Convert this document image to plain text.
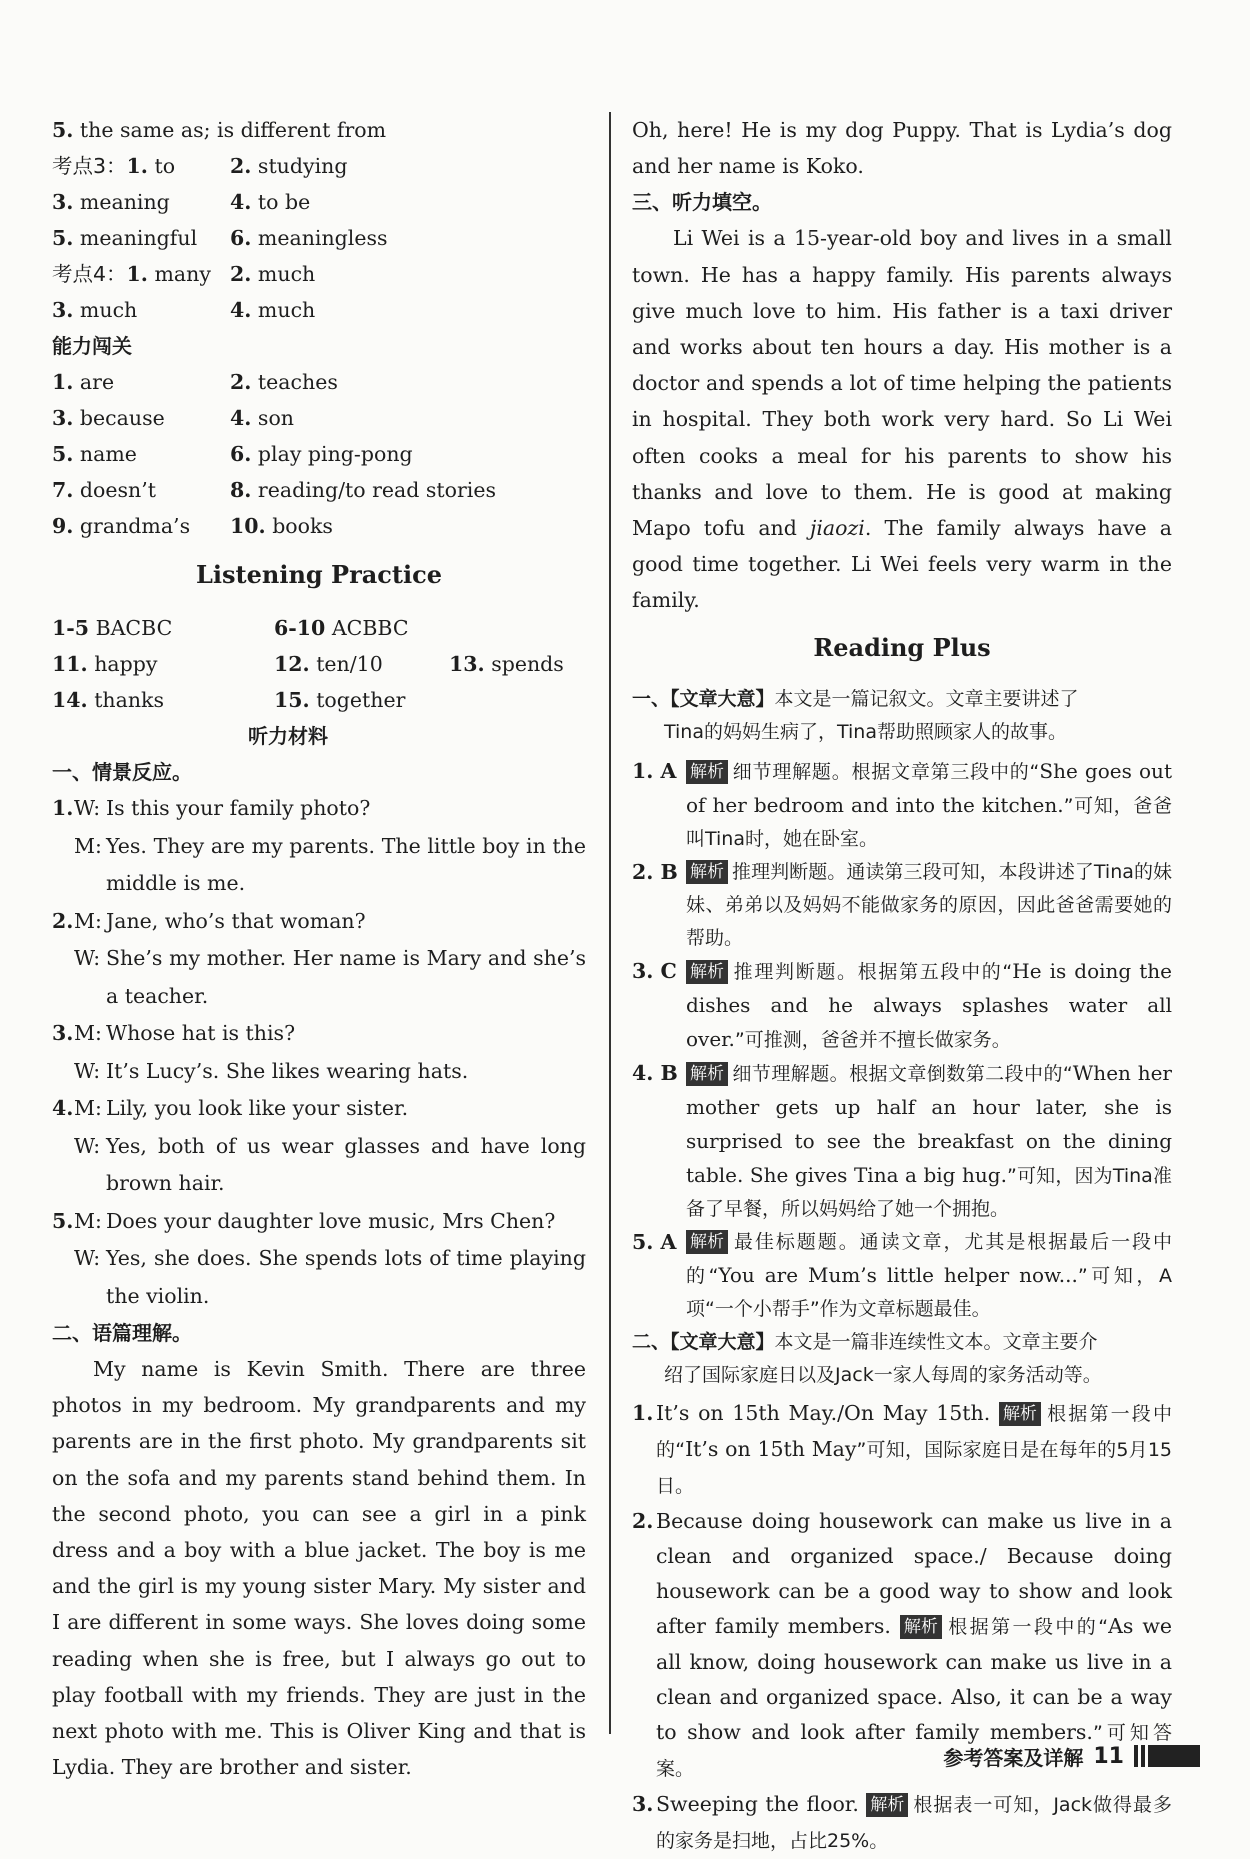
5. the same as; is different from
考点3：1. to	2. studying
3. meaning	4. to be
5. meaningful	6. meaningless
考点4：1. many 2. much
3. much	4. much
能力闯关
1. are	2. teaches
3. because	4. son
5. name	6. play ping-pong
7. doesn’t	8. reading/to read stories
9. grandma’s	10. books
Listening Practice
1-5 BACBC	6-10 ACBBC
11. happy	12. ten/10	13. spends
14. thanks	15. together
听力材料
一、情景反应。
1. W: Is this your family photo?
M: Yes. They are my parents. The little boy in the middle is me.
2. M: Jane, who’s that woman?
W: She’s my mother. Her name is Mary and she’s a teacher.
3. M: Whose hat is this?
W: It’s Lucy’s. She likes wearing hats.
4. M: Lily, you look like your sister.
W: Yes, both of us wear glasses and have long brown hair.
5. M: Does your daughter love music, Mrs Chen?
W: Yes, she does. She spends lots of time playing the violin.
二、语篇理解。
My name is Kevin Smith. There are three photos in my bedroom. My grandparents and my parents are in the first photo. My grandparents sit on the sofa and my parents stand behind them. In the second photo, you can see a girl in a pink dress and a boy with a blue jacket. The boy is me and the girl is my young sister Mary. My sister and I are different in some ways. She loves doing some reading when she is free, but I always go out to play football with my friends. They are just in the next photo with me. This is Oliver King and that is Lydia. They are brother and sister.
Oh, here! He is my dog Puppy. That is Lydia’s dog and her name is Koko.
三、听力填空。
Li Wei is a 15-year-old boy and lives in a small town. He has a happy family. His parents always give much love to him. His father is a taxi driver and works about ten hours a day. His mother is a doctor and spends a lot of time helping the patients in hospital. They both work very hard. So Li Wei often cooks a meal for his parents to show his thanks and love to them. He is good at making Mapo tofu and jiaozi. The family always have a good time together. Li Wei feels very warm in the family.
Reading Plus
一、【文章大意】本文是一篇记叙文。文章主要讲述了
Tina的妈妈生病了，Tina帮助照顾家人的故事。
1. A 解析 细节理解题。根据文章第三段中的“She goes out of her bedroom and into the kitchen.”可知，爸爸叫Tina时，她在卧室。
2. B 解析 推理判断题。通读第三段可知，本段讲述了Tina的妹妹、弟弟以及妈妈不能做家务的原因，因此爸爸需要她的帮助。
3. C 解析 推理判断题。根据第五段中的“He is doing the dishes and he always splashes water all over.”可推测，爸爸并不擅长做家务。
4. B 解析 细节理解题。根据文章倒数第二段中的“When her mother gets up half an hour later, she is surprised to see the breakfast on the dining table. She gives Tina a big hug.”可知，因为Tina准备了早餐，所以妈妈给了她一个拥抱。
5. A 解析 最佳标题题。通读文章，尤其是根据最后一段中的“You are Mum’s little helper now...”可知，A项“一个小帮手”作为文章标题最佳。
二、【文章大意】本文是一篇非连续性文本。文章主要介
绍了国际家庭日以及Jack一家人每周的家务活动等。
1. It’s on 15th May./On May 15th. 解析 根据第一段中的“It’s on 15th May”可知，国际家庭日是在每年的5月15日。
2. Because doing housework can make us live in a clean and organized space./ Because doing housework can be a good way to show and look after family members. 解析 根据第一段中的“As we all know, doing housework can make us live in a clean and organized space. Also, it can be a way to show and look after family members.”可知答案。
3. Sweeping the floor. 解析 根据表一可知，Jack做得最多的家务是扫地，占比25%。
参考答案及详解 11
